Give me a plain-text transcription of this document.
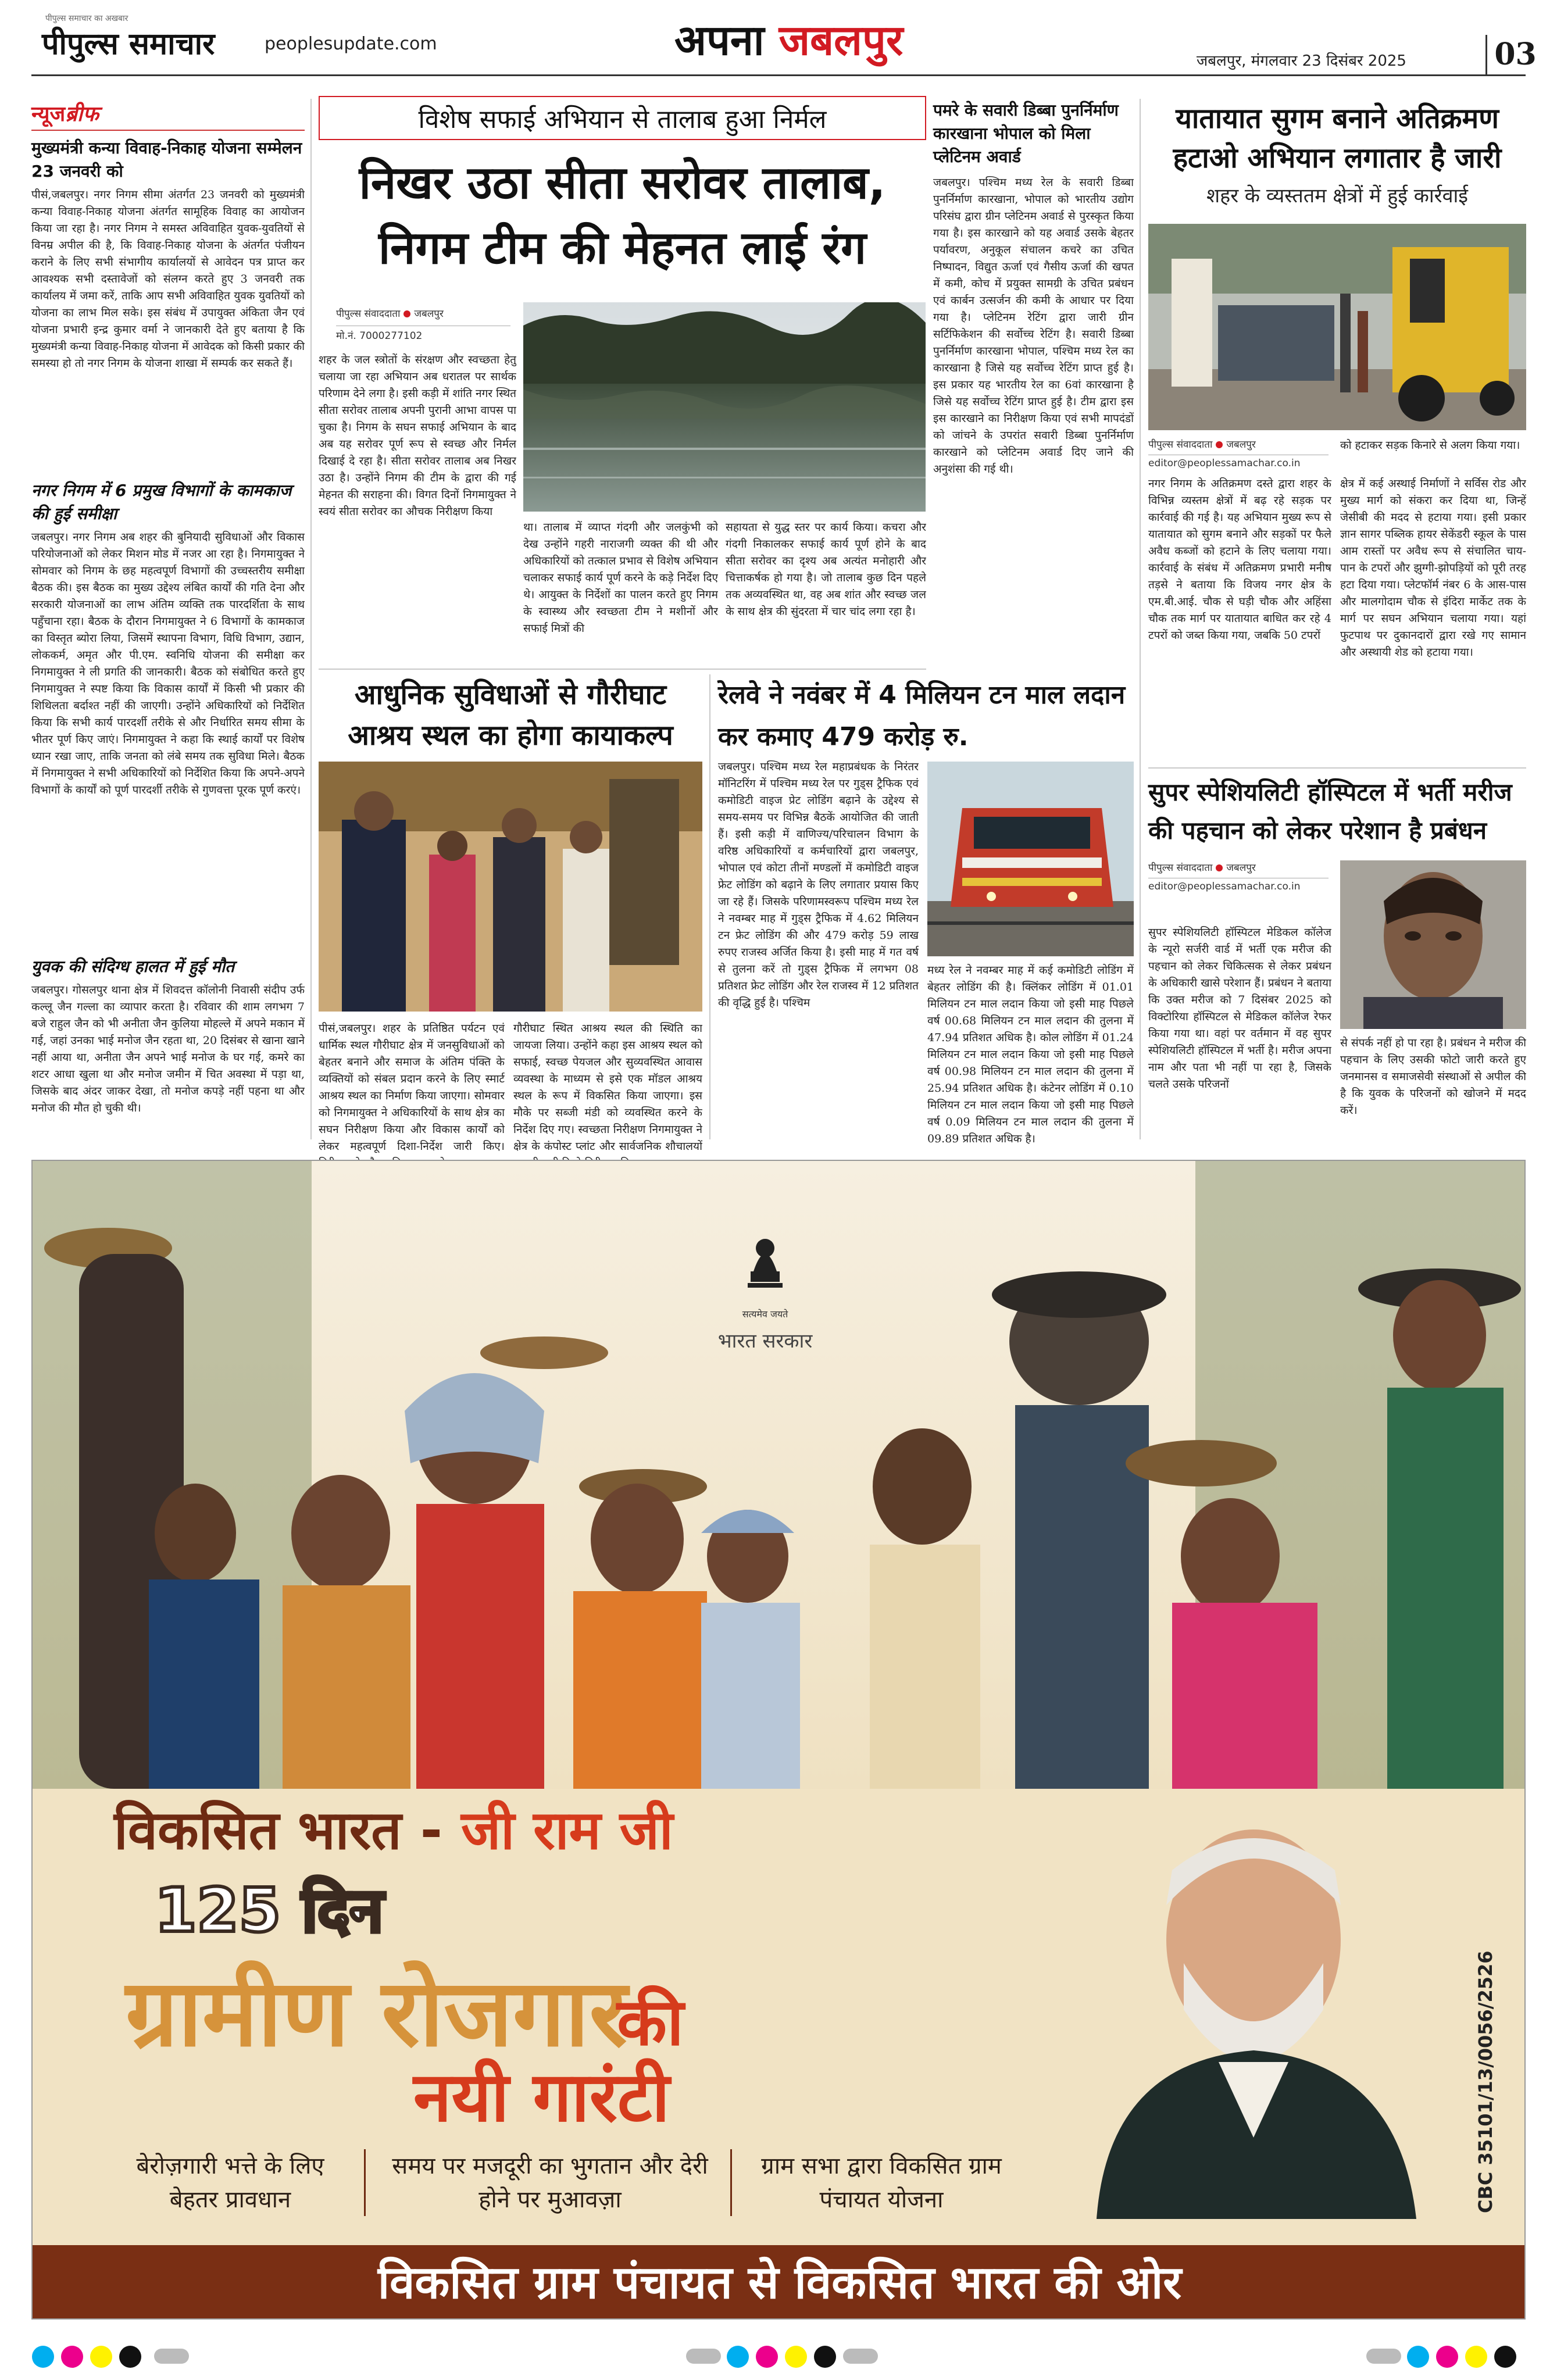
पीपुल्स समाचार का अखबार
पीपुल्स समाचार	peoplesupdate.com	अपना जबलपुर	जबलपुर, मंगलवार 23 दिसंबर 2025	03
न्यूजब्रीफ
मुख्यमंत्री कन्या विवाह-निकाह योजना सम्मेलन 23 जनवरी को
पीसं,जबलपुर। नगर निगम सीमा अंतर्गत 23 जनवरी को मुख्यमंत्री कन्या विवाह-निकाह योजना अंतर्गत सामूहिक विवाह का आयोजन किया जा रहा है। नगर निगम ने समस्त अविवाहित युवक-युवतियों से विनम्र अपील की है, कि विवाह-निकाह योजना के अंतर्गत पंजीयन कराने के लिए सभी संभागीय कार्यालयों से आवेदन पत्र प्राप्त कर आवश्यक सभी दस्तावेजों को संलग्न करते हुए 3 जनवरी तक कार्यालय में जमा करें, ताकि आप सभी अविवाहित युवक युवतियों को योजना का लाभ मिल सके। इस संबंध में उपायुक्त अंकिता जैन एवं योजना प्रभारी इन्द्र कुमार वर्मा ने जानकारी देते हुए बताया है कि मुख्यमंत्री कन्या विवाह-निकाह योजना में आवेदक को किसी प्रकार की समस्या हो तो नगर निगम के योजना शाखा में सम्पर्क कर सकते हैं।
नगर निगम में 6 प्रमुख विभागों के कामकाज की हुई समीक्षा
जबलपुर। नगर निगम अब शहर की बुनियादी सुविधाओं और विकास परियोजनाओं को लेकर मिशन मोड में नजर आ रहा है। निगमायुक्त ने सोमवार को निगम के छह महत्वपूर्ण विभागों की उच्चस्तरीय समीक्षा बैठक की। इस बैठक का मुख्य उद्देश्य लंबित कार्यों की गति देना और सरकारी योजनाओं का लाभ अंतिम व्यक्ति तक पारदर्शिता के साथ पहुँचाना रहा। बैठक के दौरान निगमायुक्त ने 6 विभागों के कामकाज का विस्तृत ब्योरा लिया, जिसमें स्थापना विभाग, विधि विभाग, उद्यान, लोककर्म, अमृत और पी.एम. स्वनिधि योजना की समीक्षा कर निगमायुक्त ने ली प्रगति की जानकारी। बैठक को संबोधित करते हुए निगमायुक्त ने स्पष्ट किया कि विकास कार्यों में किसी भी प्रकार की शिथिलता बर्दाश्त नहीं की जाएगी। उन्होंने अधिकारियों को निर्देशित किया कि सभी कार्य पारदर्शी तरीके से और निर्धारित समय सीमा के भीतर पूर्ण किए जाएं। निगमायुक्त ने कहा कि स्थाई कार्यों पर विशेष ध्यान रखा जाए, ताकि जनता को लंबे समय तक सुविधा मिले। बैठक में निगमायुक्त ने सभी अधिकारियों को निर्देशित किया कि अपने-अपने विभागों के कार्यों को पूर्ण पारदर्शी तरीके से गुणवत्ता पूरक पूर्ण करएं।
युवक की संदिग्ध हालत में हुई मौत
जबलपुर। गोसलपुर थाना क्षेत्र में शिवदत्त कॉलोनी निवासी संदीप उर्फ कल्लू जैन गल्ला का व्यापार करता है। रविवार की शाम लगभग 7 बजे राहुल जैन को भी अनीता जैन कुलिया मोहल्ले में अपने मकान में गई, जहां उनका भाई मनोज जैन रहता था, 20 दिसंबर से खाना खाने नहीं आया था, अनीता जैन अपने भाई मनोज के घर गई, कमरे का शटर आधा खुला था और मनोज जमीन में चित अवस्था में पड़ा था, जिसके बाद अंदर जाकर देखा, तो मनोज कपड़े नहीं पहना था और मनोज की मौत हो चुकी थी।
विशेष सफाई अभियान से तालाब हुआ निर्मल
निखर उठा सीता सरोवर तालाब, निगम टीम की मेहनत लाई रंग
पीपुल्स संवाददाता जबलपुर
मो.नं. 7000277102
शहर के जल स्त्रोतों के संरक्षण और स्वच्छता हेतु चलाया जा रहा अभियान अब धरातल पर सार्थक परिणाम देने लगा है। इसी कड़ी में शांति नगर स्थित सीता सरोवर तालाब अपनी पुरानी आभा वापस पा चुका है। निगम के सघन सफाई अभियान के बाद अब यह सरोवर पूर्ण रूप से स्वच्छ और निर्मल दिखाई दे रहा है। सीता सरोवर तालाब अब निखर उठा है। उन्होंने निगम की टीम के द्वारा की गई मेहनत की सराहना की। विगत दिनों निगमायुक्त ने स्वयं सीता सरोवर का औचक निरीक्षण किया
था। तालाब में व्याप्त गंदगी और जलकुंभी को देख उन्होंने गहरी नाराजगी व्यक्त की थी और अधिकारियों को तत्काल प्रभाव से विशेष अभियान चलाकर सफाई कार्य पूर्ण करने के कड़े निर्देश दिए थे। आयुक्त के निर्देशों का पालन करते हुए निगम के स्वास्थ्य और स्वच्छता टीम ने मशीनों और सफाई मित्रों की
सहायता से युद्ध स्तर पर कार्य किया। कचरा और गंदगी निकालकर सफाई कार्य पूर्ण होने के बाद सीता सरोवर का दृश्य अब अत्यंत मनोहारी और चित्ताकर्षक हो गया है। जो तालाब कुछ दिन पहले तक अव्यवस्थित था, वह अब शांत और स्वच्छ जल के साथ क्षेत्र की सुंदरता में चार चांद लगा रहा है।
पमरे के सवारी डिब्बा पुनर्निर्माण कारखाना भोपाल को मिला प्लेटिनम अवार्ड
जबलपुर। पश्चिम मध्य रेल के सवारी डिब्बा पुनर्निर्माण कारखाना, भोपाल को भारतीय उद्योग परिसंघ द्वारा ग्रीन प्लेटिनम अवार्ड से पुरस्कृत किया गया है। इस कारखाने को यह अवार्ड उसके बेहतर पर्यावरण, अनुकूल संचालन कचरे का उचित निष्पादन, विद्युत ऊर्जा एवं गैसीय ऊर्जा की खपत में कमी, कोच में प्रयुक्त सामग्री के उचित प्रबंधन एवं कार्बन उत्सर्जन की कमी के आधार पर दिया गया है। प्लेटिनम रेटिंग द्वारा जारी ग्रीन सर्टिफिकेशन की सर्वोच्च रेटिंग है। सवारी डिब्बा पुनर्निर्माण कारखाना भोपाल, पश्चिम मध्य रेल का कारखाना है जिसे यह सर्वोच्च रेटिंग प्राप्त हुई है। इस प्रकार यह भारतीय रेल का 6वां कारखाना है जिसे यह सर्वोच्च रेटिंग प्राप्त हुई है। टीम द्वारा इस इस कारखाने का निरीक्षण किया एवं सभी मापदंडों को जांचने के उपरांत सवारी डिब्बा पुनर्निर्माण कारखाने को प्लेटिनम अवार्ड दिए जाने की अनुशंसा की गई थी।
यातायात सुगम बनाने अतिक्रमण हटाओ अभियान लगातार है जारी
शहर के व्यस्ततम क्षेत्रों में हुई कार्रवाई
पीपुल्स संवाददाता जबलपुर
editor@peoplessamachar.co.in
नगर निगम के अतिक्रमण दस्ते द्वारा शहर के विभिन्न व्यस्तम क्षेत्रों में बढ़ रहे सड़क पर कार्रवाई की गई है। यह अभियान मुख्य रूप से यातायात को सुगम बनाने और सड़कों पर फैले अवैध कब्जों को हटाने के लिए चलाया गया। कार्रवाई के संबंध में अतिक्रमण प्रभारी मनीष तड़से ने बताया कि विजय नगर क्षेत्र के एम.बी.आई. चौक से घड़ी चौक और अहिंसा चौक तक मार्ग पर यातायात बाधित कर रहे 4 टपरों को जब्त किया गया, जबकि 50 टपरों
को हटाकर सड़क किनारे से अलग किया गया।
क्षेत्र में कई अस्थाई निर्माणों ने सर्विस रोड और मुख्य मार्ग को संकरा कर दिया था, जिन्हें जेसीबी की मदद से हटाया गया। इसी प्रकार ज्ञान सागर पब्लिक हायर सेकेंडरी स्कूल के पास आम रास्तों पर अवैध रूप से संचालित चाय-पान के टपरों और झुग्गी-झोपड़ियों को पूरी तरह हटा दिया गया। प्लेटफॉर्म नंबर 6 के आस-पास और मालगोदाम चौक से इंदिरा मार्केट तक के मार्ग पर सघन अभियान चलाया गया। यहां फुटपाथ पर दुकानदारों द्वारा रखे गए सामान और अस्थायी शेड को हटाया गया।
आधुनिक सुविधाओं से गौरीघाट आश्रय स्थल का होगा कायाकल्प
पीसं,जबलपुर। शहर के प्रतिष्ठित पर्यटन एवं धार्मिक स्थल गौरीघाट क्षेत्र में जनसुविधाओं को बेहतर बनाने और समाज के अंतिम पंक्ति के व्यक्तियों को संबल प्रदान करने के लिए स्मार्ट आश्रय स्थल का निर्माण किया जाएगा। सोमवार को निगमायुक्त ने अधिकारियों के साथ क्षेत्र का सघन निरीक्षण किया और विकास कार्यों को लेकर महत्वपूर्ण दिशा-निर्देश जारी किए।
गौरीघाट स्थित आश्रय स्थल की स्थिति का जायजा लिया। उन्होंने कहा इस आश्रय स्थल को सफाई, स्वच्छ पेयजल और सुव्यवस्थित आवास व्यवस्था के माध्यम से इसे एक मॉडल आश्रय स्थल के रूप में विकसित किया जाएगा। इस मौके पर सब्जी मंडी को व्यवस्थित करने के निर्देश दिए गए। स्वच्छता निरीक्षण निगमायुक्त ने क्षेत्र के कंपोस्ट प्लांट और सार्वजनिक शौचालयों
रेलवे ने नवंबर में 4 मिलियन टन माल लदान कर कमाए 479 करोड़ रु.
जबलपुर। पश्चिम मध्य रेल महाप्रबंधक के निरंतर मॉनिटरिंग में पश्चिम मध्य रेल पर गुड्स ट्रैफिक एवं कमोडिटी वाइज प्रेट लोडिंग बढ़ाने के उद्देश्य से समय-समय पर विभिन्न बैठकें आयोजित की जाती हैं। इसी कड़ी में वाणिज्य/परिचालन विभाग के वरिष्ठ अधिकारियों व कर्मचारियों द्वारा जबलपुर, भोपाल एवं कोटा तीनों मण्डलों में कमोडिटी वाइज फ्रेट लोडिंग को बढ़ाने के लिए लगातार प्रयास किए जा रहे हैं। जिसके परिणामस्वरूप पश्चिम मध्य रेल ने नवम्बर माह में गुड्स ट्रैफिक में 4.62 मिलियन टन फ्रेट लोडिंग की और 479 करोड़ 59 लाख रुपए राजस्व अर्जित किया है। इसी माह में गत वर्ष से तुलना करें तो गुड्स ट्रैफिक में लगभग 08 प्रतिशत फ्रेट लोडिंग और रेल राजस्व में 12 प्रतिशत की वृद्धि हुई है। पश्चिम
मध्य रेल ने नवम्बर माह में कई कमोडिटी लोडिंग में बेहतर लोडिंग की है। क्लिंकर लोडिंग में 01.01 मिलियन टन माल लदान किया जो इसी माह पिछले वर्ष 00.68 मिलियन टन माल लदान की तुलना में 47.94 प्रतिशत अधिक है। कोल लोडिंग में 01.24 मिलियन टन माल लदान किया जो इसी माह पिछले वर्ष 00.98 मिलियन टन माल लदान की तुलना में 25.94 प्रतिशत अधिक है। कंटेनर लोडिंग में 0.10 मिलियन टन माल लदान किया जो इसी माह पिछले वर्ष 0.09 मिलियन टन माल लदान की तुलना में 09.89 प्रतिशत अधिक है।
सुपर स्पेशियलिटी हॉस्पिटल में भर्ती मरीज की पहचान को लेकर परेशान है प्रबंधन
पीपुल्स संवाददाता जबलपुर
editor@peoplessamachar.co.in
सुपर स्पेशियलिटी हॉस्पिटल मेडिकल कॉलेज के न्यूरो सर्जरी वार्ड में भर्ती एक मरीज की पहचान को लेकर चिकित्सक से लेकर प्रबंधन के अधिकारी खासे परेशान हैं। प्रबंधन ने बताया कि उक्त मरीज को 7 दिसंबर 2025 को विक्टोरिया हॉस्पिटल से मेडिकल कॉलेज रेफर किया गया था। वहां पर वर्तमान में वह सुपर स्पेशियलिटी हॉस्पिटल में भर्ती है। मरीज अपना नाम और पता भी नहीं पा रहा है, जिसके चलते उसके परिजनों
से संपर्क नहीं हो पा रहा है। प्रबंधन ने मरीज की पहचान के लिए उसकी फोटो जारी करते हुए जनमानस व समाजसेवी संस्थाओं से अपील की है कि युवक के परिजनों को खोजने में मदद करें।
सत्यमेव जयते
भारत सरकार
विकसित भारत - जी राम जी
125 दिन
ग्रामीण रोजगार
की
नयी गारंटी
बेरोज़गारी भत्ते के लिए बेहतर प्रावधान
समय पर मजदूरी का भुगतान और देरी होने पर मुआवज़ा
ग्राम सभा द्वारा विकसित ग्राम पंचायत योजना	CBC 35101/13/0056/2526
विकसित ग्राम पंचायत से विकसित भारत की ओर
